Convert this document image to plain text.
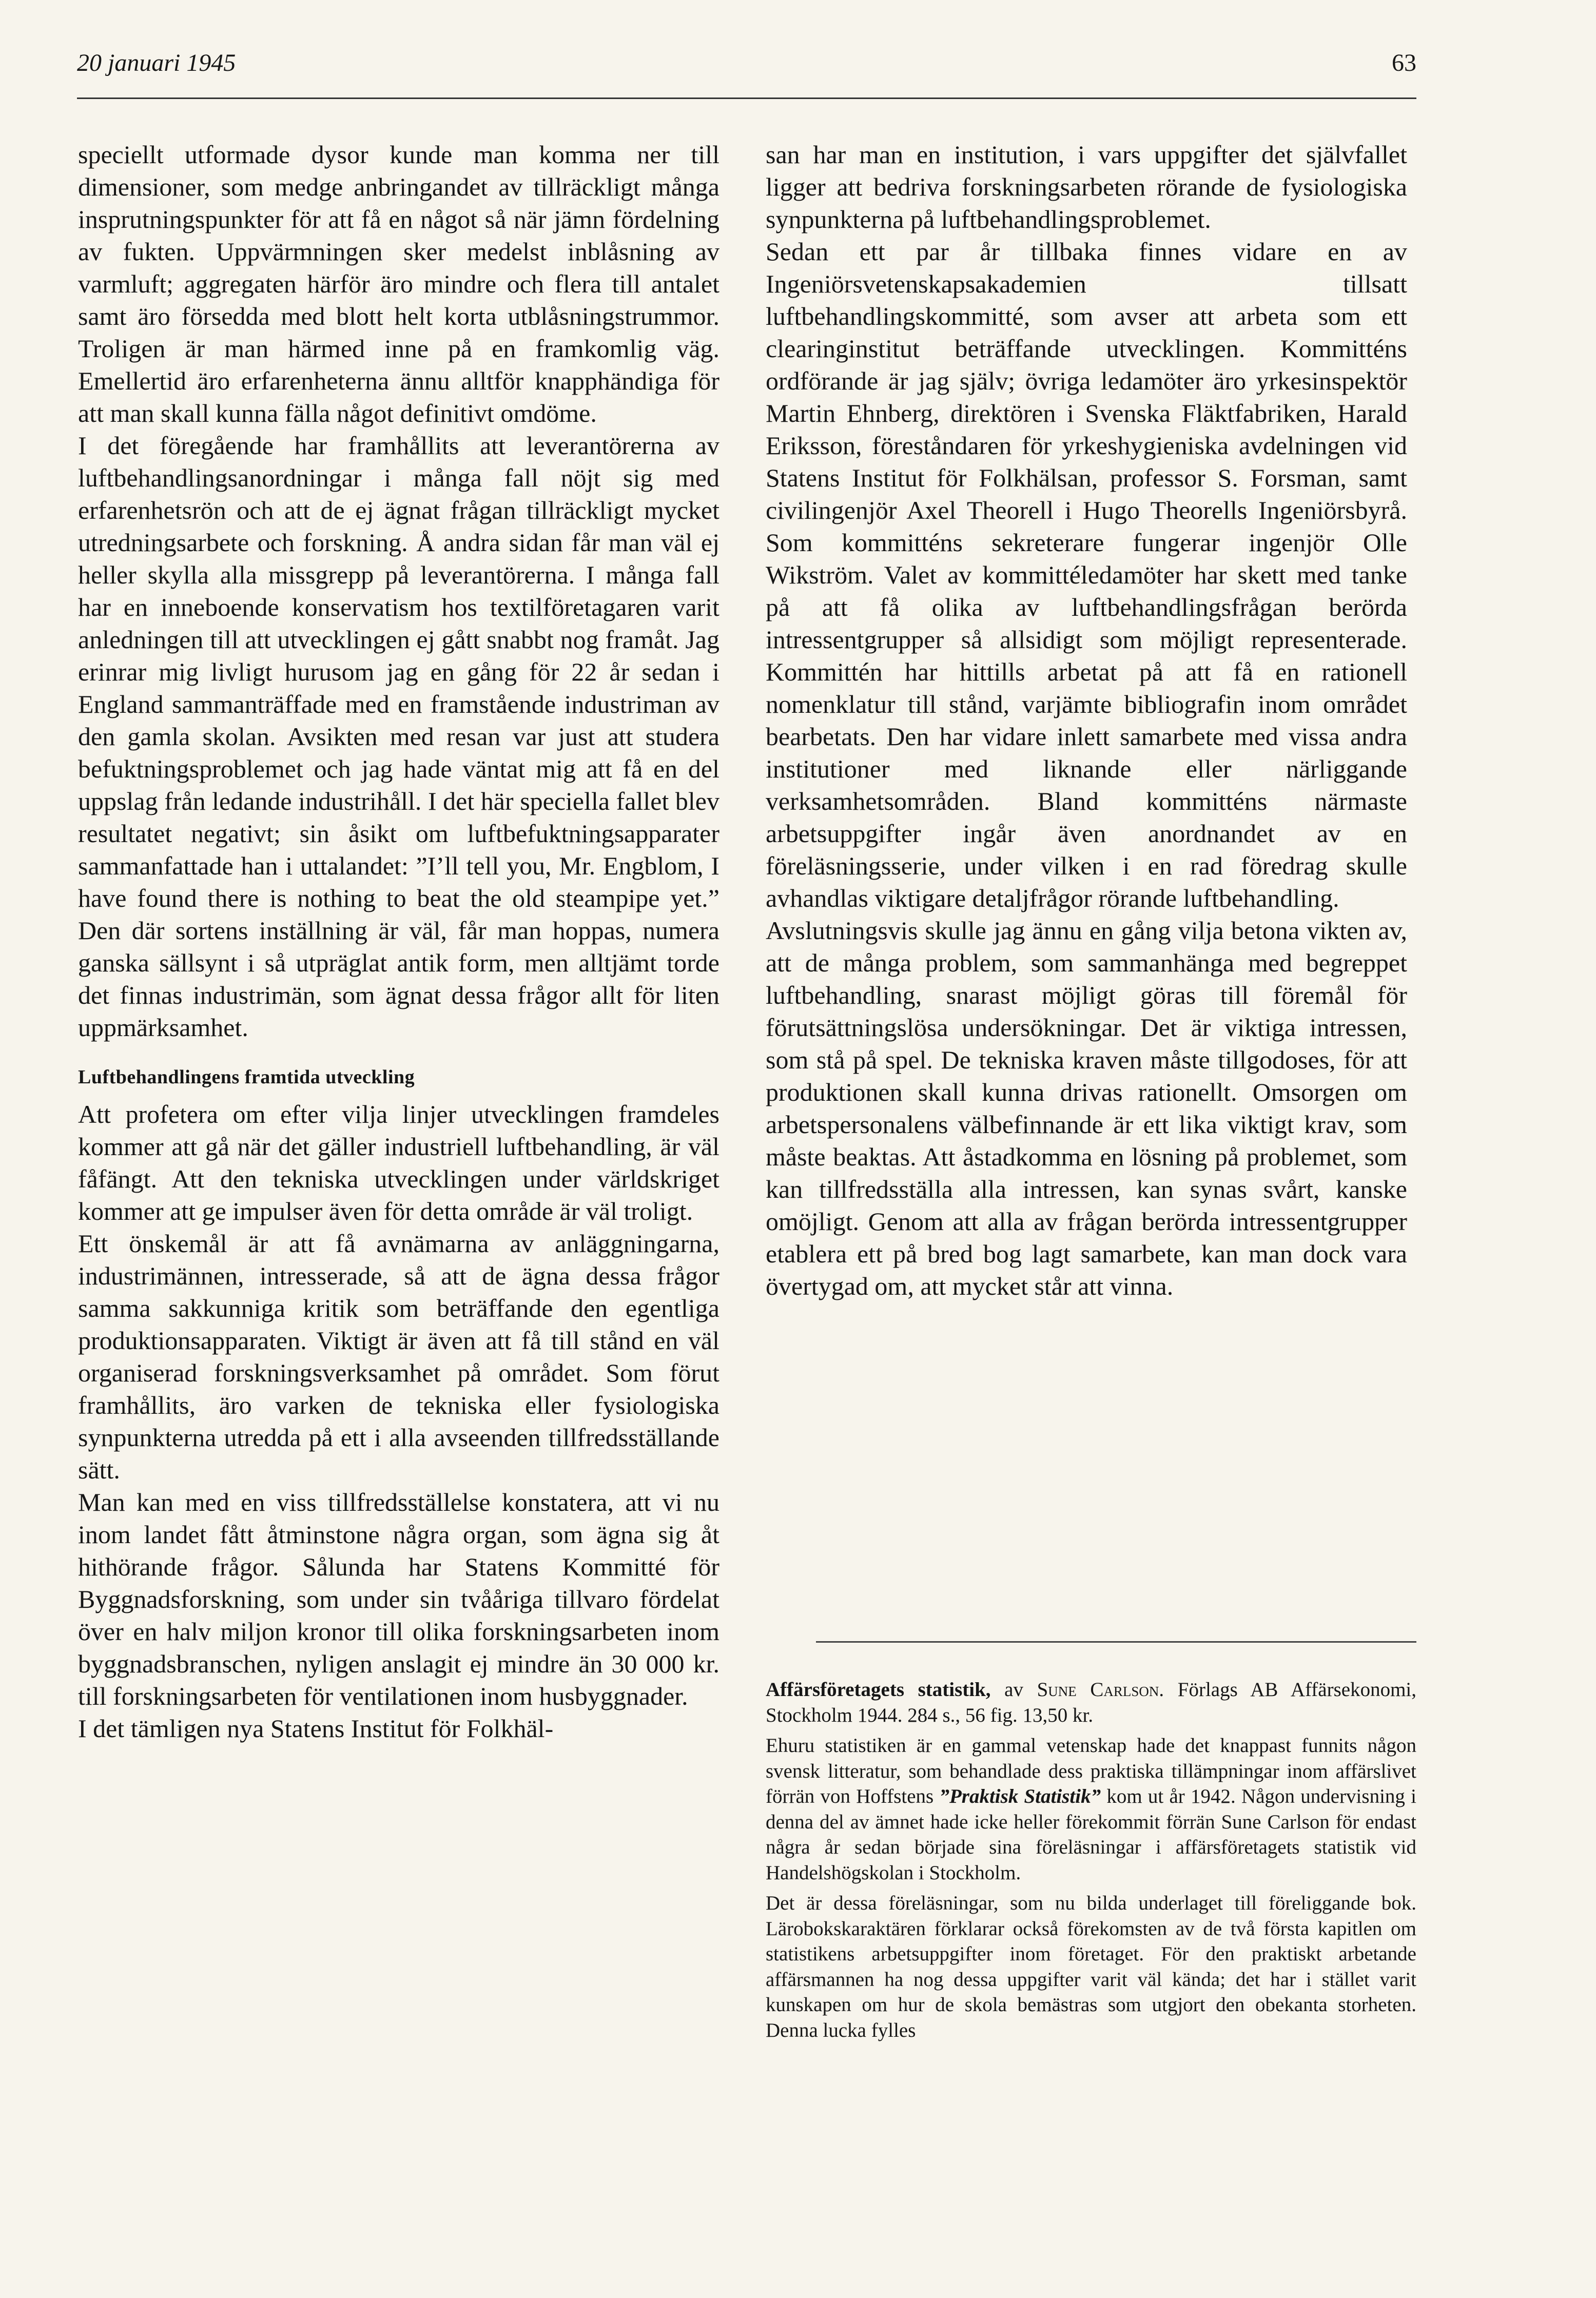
20 januari 1945	63

speciellt utformade dysor kunde man komma ner till dimensioner, som medge anbringandet av tillräckligt många insprutningspunkter för att få en något så när jämn fördelning av fukten. Uppvärmningen sker medelst inblåsning av varmluft; aggregaten härför äro mindre och flera till antalet samt äro försedda med blott helt korta utblåsningstrummor. Troligen är man härmed inne på en framkomlig väg. Emellertid äro erfarenheterna ännu alltför knapphändiga för att man skall kunna fälla något definitivt omdöme.

I det föregående har framhållits att leverantörerna av luftbehandlingsanordningar i många fall nöjt sig med erfarenhetsrön och att de ej ägnat frågan tillräckligt mycket utredningsarbete och forskning. Å andra sidan får man väl ej heller skylla alla missgrepp på leverantörerna. I många fall har en inneboende konservatism hos textilföretagaren varit anledningen till att utvecklingen ej gått snabbt nog framåt. Jag erinrar mig livligt hurusom jag en gång för 22 år sedan i England sammanträffade med en framstående industriman av den gamla skolan. Avsikten med resan var just att studera befuktningsproblemet och jag hade väntat mig att få en del uppslag från ledande industrihåll. I det här speciella fallet blev resultatet negativt; sin åsikt om luftbefuktningsapparater sammanfattade han i uttalandet: ”I’ll tell you, Mr. Engblom, I have found there is nothing to beat the old steampipe yet.” Den där sortens inställning är väl, får man hoppas, numera ganska sällsynt i så utpräglat antik form, men alltjämt torde det finnas industrimän, som ägnat dessa frågor allt för liten uppmärksamhet.

Luftbehandlingens framtida utveckling

Att profetera om efter vilja linjer utvecklingen framdeles kommer att gå när det gäller industriell luftbehandling, är väl fåfängt. Att den tekniska utvecklingen under världskriget kommer att ge impulser även för detta område är väl troligt.

Ett önskemål är att få avnämarna av anläggningarna, industrimännen, intresserade, så att de ägna dessa frågor samma sakkunniga kritik som beträffande den egentliga produktionsapparaten. Viktigt är även att få till stånd en väl organiserad forskningsverksamhet på området. Som förut framhållits, äro varken de tekniska eller fysiologiska synpunkterna utredda på ett i alla avseenden tillfredsställande sätt.

Man kan med en viss tillfredsställelse konstatera, att vi nu inom landet fått åtminstone några organ, som ägna sig åt hithörande frågor. Sålunda har Statens Kommitté för Byggnadsforskning, som under sin tvååriga tillvaro fördelat över en halv miljon kronor till olika forskningsarbeten inom byggnadsbranschen, nyligen anslagit ej mindre än 30 000 kr. till forskningsarbeten för ventilationen inom husbyggnader.

I det tämligen nya Statens Institut för Folkhäl-

san har man en institution, i vars uppgifter det självfallet ligger att bedriva forskningsarbeten rörande de fysiologiska synpunkterna på luftbehandlingsproblemet.

Sedan ett par år tillbaka finnes vidare en av Ingeniörsvetenskapsakademien tillsatt luftbehandlingskommitté, som avser att arbeta som ett clearinginstitut beträffande utvecklingen. Kommitténs ordförande är jag själv; övriga ledamöter äro yrkesinspektör Martin Ehnberg, direktören i Svenska Fläktfabriken, Harald Eriksson, föreståndaren för yrkeshygieniska avdelningen vid Statens Institut för Folkhälsan, professor S. Forsman, samt civilingenjör Axel Theorell i Hugo Theorells Ingeniörsbyrå. Som kommitténs sekreterare fungerar ingenjör Olle Wikström. Valet av kommittéledamöter har skett med tanke på att få olika av luftbehandlingsfrågan berörda intressentgrupper så allsidigt som möjligt representerade. Kommittén har hittills arbetat på att få en rationell nomenklatur till stånd, varjämte bibliografin inom området bearbetats. Den har vidare inlett samarbete med vissa andra institutioner med liknande eller närliggande verksamhetsområden. Bland kommitténs närmaste arbetsuppgifter ingår även anordnandet av en föreläsningsserie, under vilken i en rad föredrag skulle avhandlas viktigare detaljfrågor rörande luftbehandling.

Avslutningsvis skulle jag ännu en gång vilja betona vikten av, att de många problem, som sammanhänga med begreppet luftbehandling, snarast möjligt göras till föremål för förutsättningslösa undersökningar. Det är viktiga intressen, som stå på spel. De tekniska kraven måste tillgodoses, för att produktionen skall kunna drivas rationellt. Omsorgen om arbetspersonalens välbefinnande är ett lika viktigt krav, som måste beaktas. Att åstadkomma en lösning på problemet, som kan tillfredsställa alla intressen, kan synas svårt, kanske omöjligt. Genom att alla av frågan berörda intressentgrupper etablera ett på bred bog lagt samarbete, kan man dock vara övertygad om, att mycket står att vinna.

Affärsföretagets statistik, av Sune Carlson. Förlags AB Affärsekonomi, Stockholm 1944. 284 s., 56 fig. 13,50 kr.

Ehuru statistiken är en gammal vetenskap hade det knappast funnits någon svensk litteratur, som behandlade dess praktiska tillämpningar inom affärslivet förrän von Hoffstens ”Praktisk Statistik” kom ut år 1942. Någon undervisning i denna del av ämnet hade icke heller förekommit förrän Sune Carlson för endast några år sedan började sina föreläsningar i affärsföretagets statistik vid Handelshögskolan i Stockholm.

Det är dessa föreläsningar, som nu bilda underlaget till föreliggande bok. Lärobokskaraktären förklarar också förekomsten av de två första kapitlen om statistikens arbetsuppgifter inom företaget. För den praktiskt arbetande affärsmannen ha nog dessa uppgifter varit väl kända; det har i stället varit kunskapen om hur de skola bemästras som utgjort den obekanta storheten. Denna lucka fylles
